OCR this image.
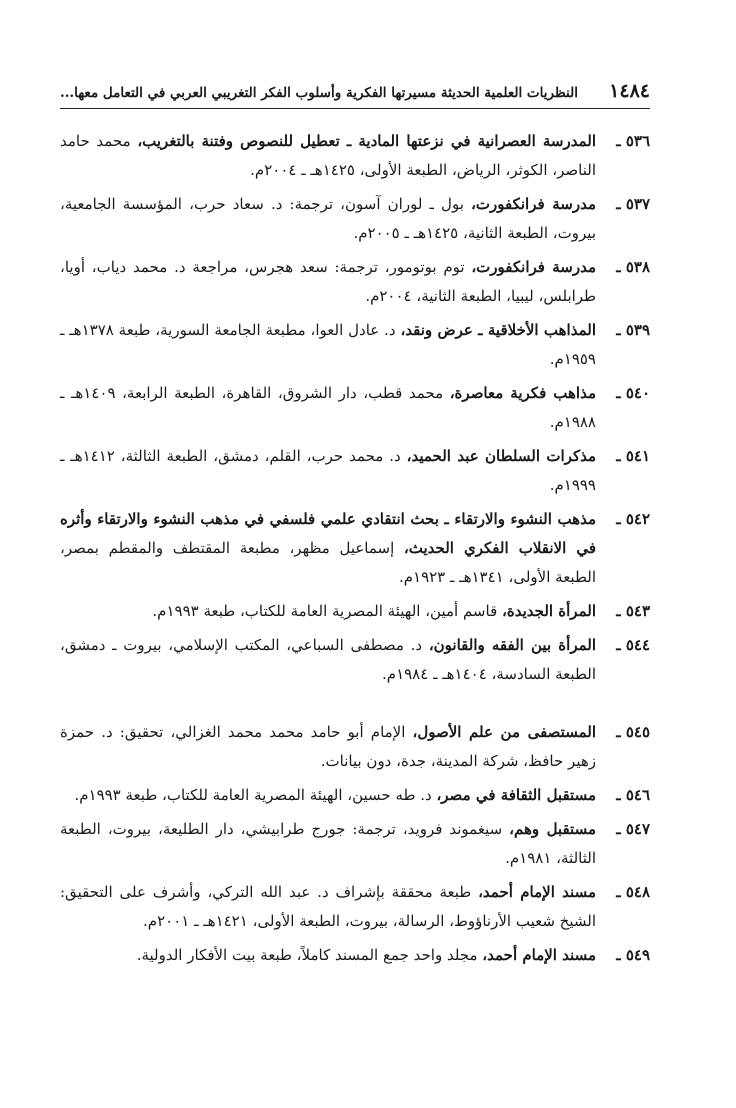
١٤٨٤
النظريات العلمية الحديثة مسيرتها الفكرية وأسلوب الفكر التغريبي العربي في التعامل معها...
٥٣٦ ـ
المدرسة العصرانية في نزعتها المادية ـ تعطيل للنصوص وفتنة بالتغريب، محمد حامد الناصر، الكوثر، الرياض، الطبعة الأولى، ١٤٢٥هـ ـ ٢٠٠٤م.
٥٣٧ ـ
مدرسة فرانكفورت، بول ـ لوران آسون، ترجمة: د. سعاد حرب، المؤسسة الجامعية، بيروت، الطبعة الثانية، ١٤٢٥هـ ـ ٢٠٠٥م.
٥٣٨ ـ
مدرسة فرانكفورت، توم بوتومور، ترجمة: سعد هجرس، مراجعة د. محمد دياب، أويا، طرابلس، ليبيا، الطبعة الثانية، ٢٠٠٤م.
٥٣٩ ـ
المذاهب الأخلاقية ـ عرض ونقد، د. عادل العوا، مطبعة الجامعة السورية، طبعة ١٣٧٨هـ ـ ١٩٥٩م.
٥٤٠ ـ
مذاهب فكرية معاصرة، محمد قطب، دار الشروق، القاهرة، الطبعة الرابعة، ١٤٠٩هـ ـ ١٩٨٨م.
٥٤١ ـ
مذكرات السلطان عبد الحميد، د. محمد حرب، القلم، دمشق، الطبعة الثالثة، ١٤١٢هـ ـ ١٩٩٩م.
٥٤٢ ـ
مذهب النشوء والارتقاء ـ بحث انتقادي علمي فلسفي في مذهب النشوء والارتقاء وأثره في الانقلاب الفكري الحديث، إسماعيل مظهر، مطبعة المقتطف والمقطم بمصر، الطبعة الأولى، ١٣٤١هـ ـ ١٩٢٣م.
٥٤٣ ـ
المرأة الجديدة، قاسم أمين، الهيئة المصرية العامة للكتاب، طبعة ١٩٩٣م.
٥٤٤ ـ
المرأة بين الفقه والقانون، د. مصطفى السباعي، المكتب الإسلامي، بيروت ـ دمشق، الطبعة السادسة، ١٤٠٤هـ ـ ١٩٨٤م.
٥٤٥ ـ
المستصفى من علم الأصول، الإمام أبو حامد محمد محمد الغزالي، تحقيق: د. حمزة زهير حافظ، شركة المدينة، جدة، دون بيانات.
٥٤٦ ـ
مستقبل الثقافة في مصر، د. طه حسين، الهيئة المصرية العامة للكتاب، طبعة ١٩٩٣م.
٥٤٧ ـ
مستقبل وهم، سيغموند فرويد، ترجمة: جورج طرابيشي، دار الطليعة، بيروت، الطبعة الثالثة، ١٩٨١م.
٥٤٨ ـ
مسند الإمام أحمد، طبعة محققة بإشراف د. عبد الله التركي، وأشرف على التحقيق: الشيخ شعيب الأرناؤوط، الرسالة، بيروت، الطبعة الأولى، ١٤٢١هـ ـ ٢٠٠١م.
٥٤٩ ـ
مسند الإمام أحمد، مجلد واحد جمع المسند كاملاً، طبعة بيت الأفكار الدولية.
